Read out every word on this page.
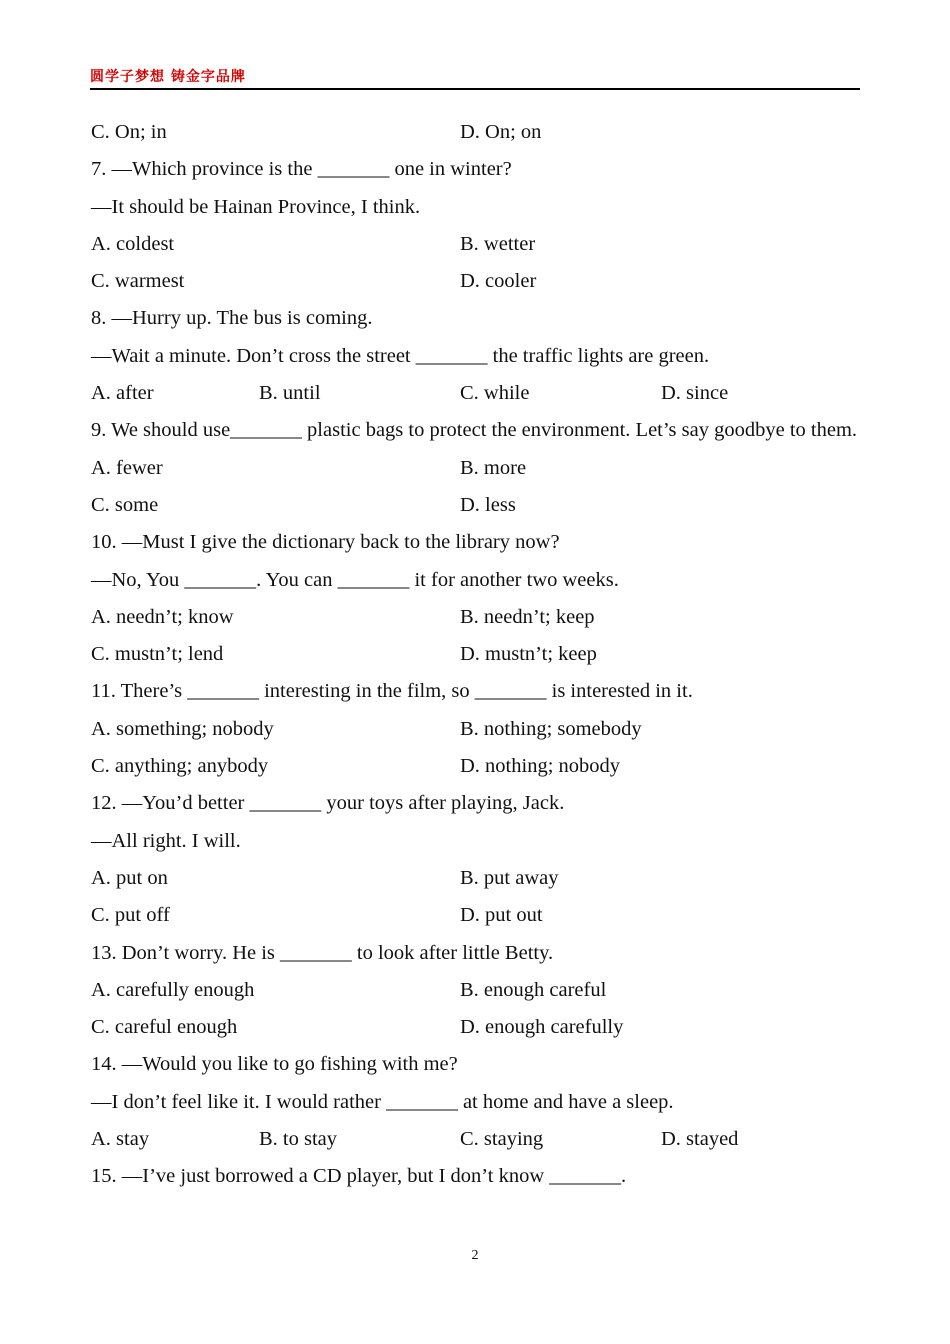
圆学子梦想 铸金字品牌
C. On; in	D. On; on
7. —Which province is the _______ one in winter?
—It should be Hainan Province, I think.
A. coldest	B. wetter
C. warmest	D. cooler
8. —Hurry up. The bus is coming.
—Wait a minute. Don’t cross the street _______ the traffic lights are green.
A. after	B. until	C. while	D. since
9. We should use_______ plastic bags to protect the environment. Let’s say goodbye to them.
A. fewer	B. more
C. some	D. less
10. —Must I give the dictionary back to the library now?
—No, You _______. You can _______ it for another two weeks.
A. needn’t; know	B. needn’t; keep
C. mustn’t; lend	D. mustn’t; keep
11. There’s _______ interesting in the film, so _______ is interested in it.
A. something; nobody	B. nothing; somebody
C. anything; anybody	D. nothing; nobody
12. —You’d better _______ your toys after playing, Jack.
—All right. I will.
A. put on	B. put away
C. put off	D. put out
13. Don’t worry. He is _______ to look after little Betty.
A. carefully enough	B. enough careful
C. careful enough	D. enough carefully
14. —Would you like to go fishing with me?
—I don’t feel like it. I would rather _______ at home and have a sleep.
A. stay	B. to stay	C. staying	D. stayed
15. —I’ve just borrowed a CD player, but I don’t know _______.
2
